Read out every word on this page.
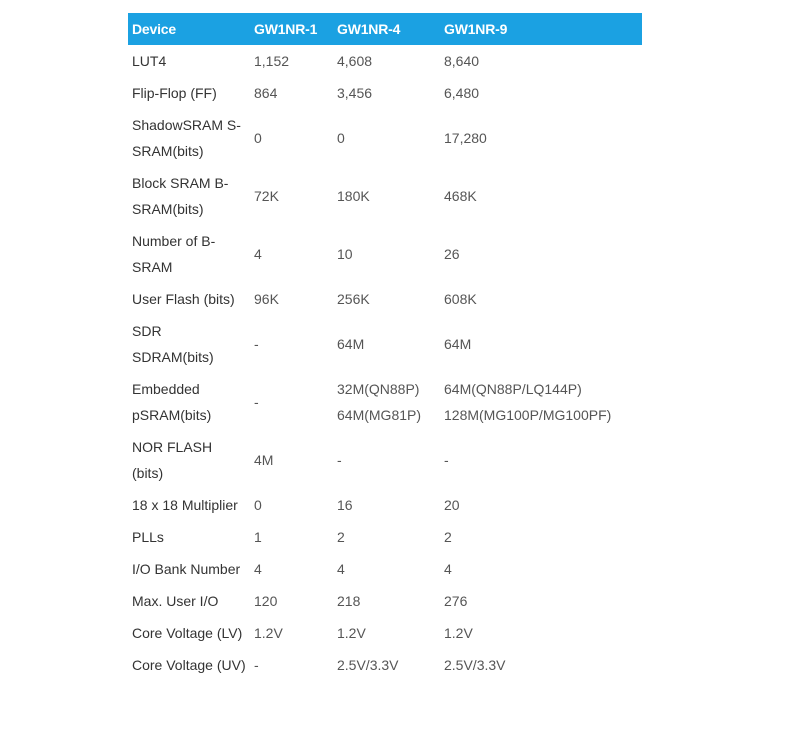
Device	GW1NR-1	GW1NR-4	GW1NR-9
LUT4	1,152	4,608	8,640
Flip-Flop (FF)	864	3,456	6,480
ShadowSRAM S-SRAM(bits)	0	0	17,280
Block SRAM B-SRAM(bits)	72K	180K	468K
Number of B-SRAM	4	10	26
User Flash (bits)	96K	256K	608K
SDR SDRAM(bits)	-	64M	64M
Embedded pSRAM(bits)	-	32M(QN88P) 64M(MG81P)	64M(QN88P/LQ144P) 128M(MG100P/MG100PF)
NOR FLASH (bits)	4M	-	-
18 x 18 Multiplier	0	16	20
PLLs	1	2	2
I/O Bank Number	4	4	4
Max. User I/O	120	218	276
Core Voltage (LV)	1.2V	1.2V	1.2V
Core Voltage (UV)	-	2.5V/3.3V	2.5V/3.3V
